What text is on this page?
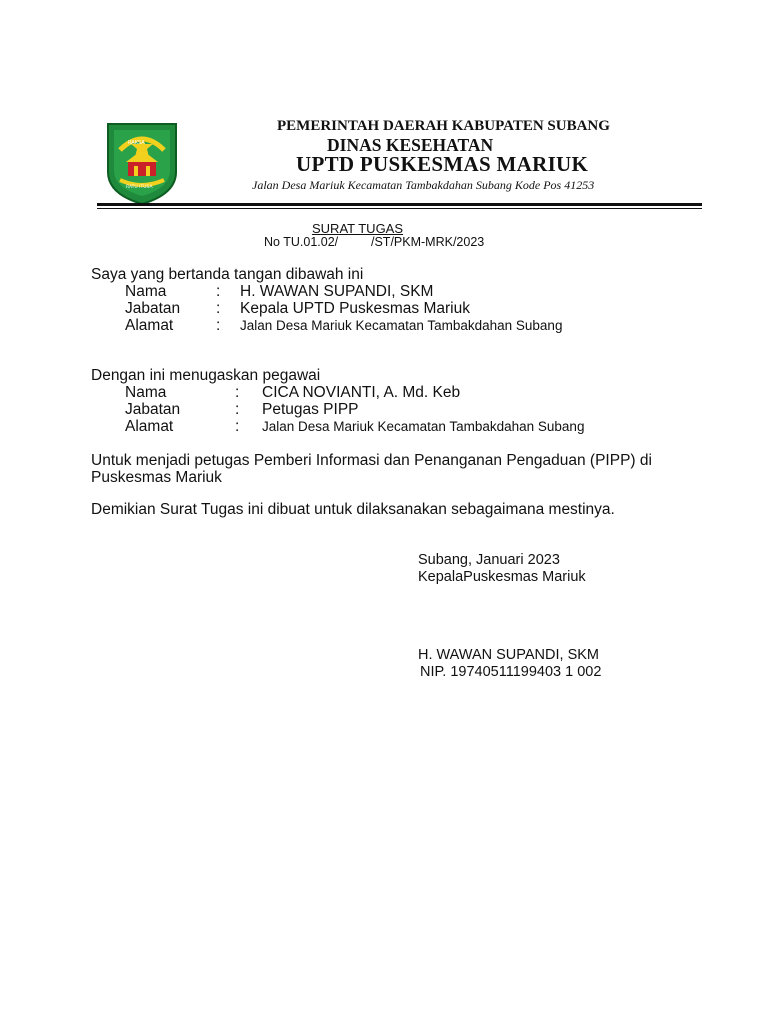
RAKSA
RATU ITUSA
PEMERINTAH DAERAH KABUPATEN SUBANG
DINAS KESEHATAN
UPTD PUSKESMAS MARIUK
Jalan Desa Mariuk Kecamatan Tambakdahan Subang Kode Pos 41253
SURAT TUGAS
No TU.01.02/	/ST/PKM-MRK/2023
Saya yang bertanda tangan dibawah ini
Nama	: H. WAWAN SUPANDI, SKM
Jabatan : Kepala UPTD Puskesmas Mariuk
Alamat	: Jalan Desa Mariuk Kecamatan Tambakdahan Subang
Dengan ini menugaskan pegawai
Nama	: CICA NOVIANTI, A. Md. Keb
Jabatan	: Petugas PIPP
Alamat	: Jalan Desa Mariuk Kecamatan Tambakdahan Subang
Untuk menjadi petugas Pemberi Informasi dan Penanganan Pengaduan (PIPP) di
Puskesmas Mariuk
Demikian Surat Tugas ini dibuat untuk dilaksanakan sebagaimana mestinya.
Subang, Januari 2023
KepalaPuskesmas Mariuk
H. WAWAN SUPANDI, SKM
NIP. 19740511199403 1 002
